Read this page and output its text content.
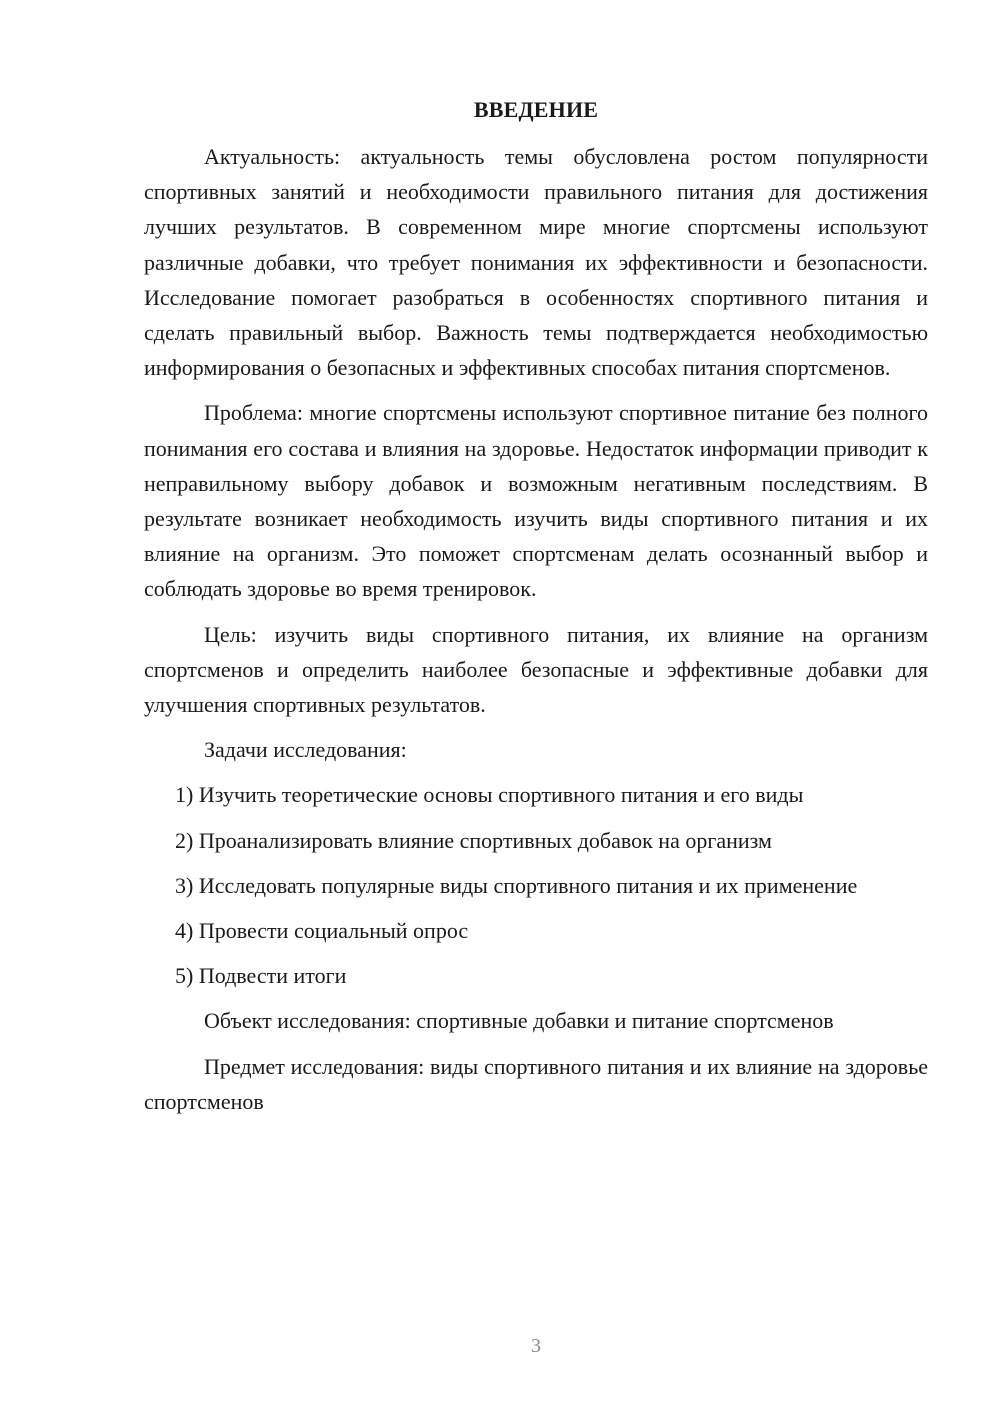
ВВЕДЕНИЕ

Актуальность: актуальность темы обусловлена ростом популярности спортивных занятий и необходимости правильного питания для достижения лучших результатов. В современном мире многие спортсмены используют различные добавки, что требует понимания их эффективности и безопасности. Исследование помогает разобраться в особенностях спортивного питания и сделать правильный выбор. Важность темы подтверждается необходимостью информирования о безопасных и эффективных способах питания спортсменов.

Проблема: многие спортсмены используют спортивное питание без полного понимания его состава и влияния на здоровье. Недостаток информации приводит к неправильному выбору добавок и возможным негативным последствиям. В результате возникает необходимость изучить виды спортивного питания и их влияние на организм. Это поможет спортсменам делать осознанный выбор и соблюдать здоровье во время тренировок.

Цель: изучить виды спортивного питания, их влияние на организм спортсменов и определить наиболее безопасные и эффективные добавки для улучшения спортивных результатов.

Задачи исследования:

1) Изучить теоретические основы спортивного питания и его виды

2) Проанализировать влияние спортивных добавок на организм

3) Исследовать популярные виды спортивного питания и их применение

4) Провести социальный опрос

5) Подвести итоги

Объект исследования: спортивные добавки и питание спортсменов

Предмет исследования: виды спортивного питания и их влияние на здоровье спортсменов

3
